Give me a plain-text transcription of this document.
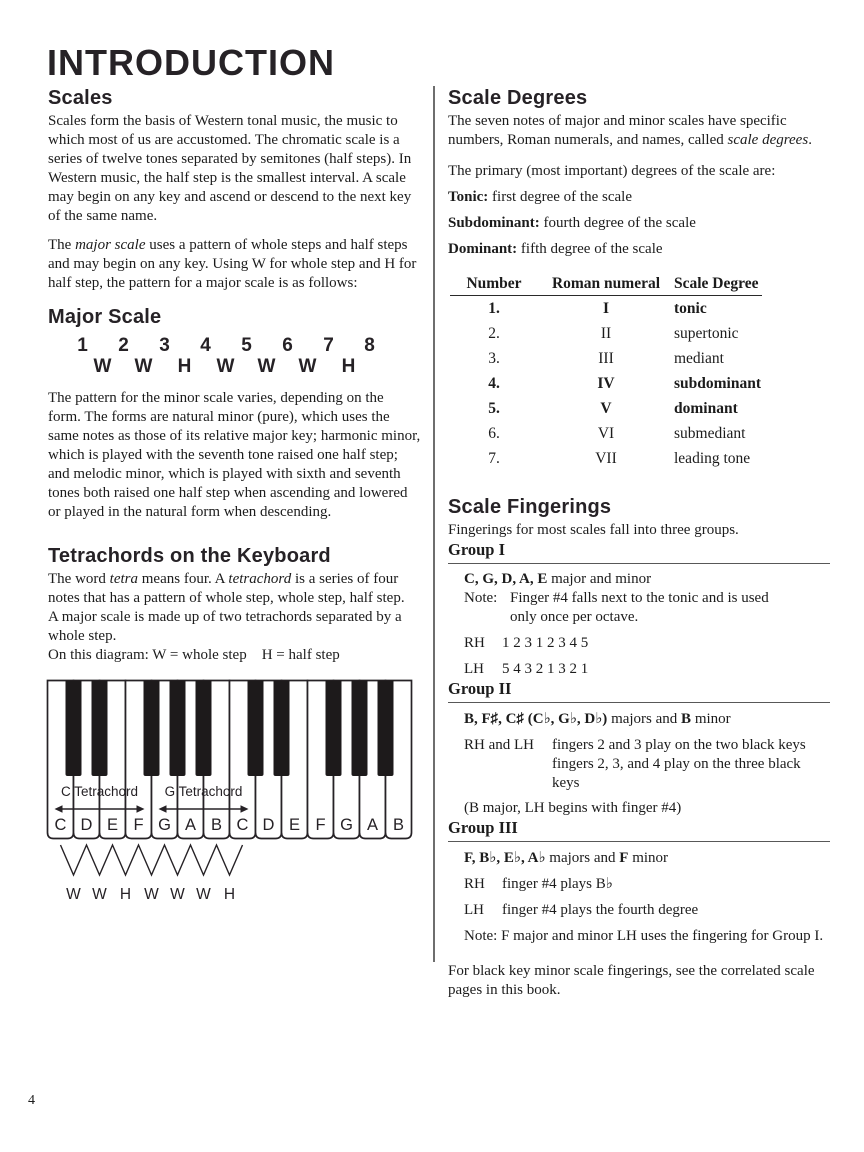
INTRODUCTION
Scales

Scales form the basis of Western tonal music, the music to
which most of us are accustomed. The chromatic scale is a
series of twelve tones separated by semitones (half steps). In
Western music, the half step is the smallest interval. A scale
may begin on any key and ascend or descend to the next key
of the same name.

The major scale uses a pattern of whole steps and half steps
and may begin on any key. Using W for whole step and H for
half step, the pattern for a major scale is as follows:

Major Scale
1	2	3	4	5	6	7	8
W	W	H	W	W	W	H

The pattern for the minor scale varies, depending on the
form. The forms are natural minor (pure), which uses the
same notes as those of its relative major key; harmonic minor,
which is played with the seventh tone raised one half step;
and melodic minor, which is played with sixth and seventh
tones both raised one half step when ascending and lowered
or played in the natural form when descending.

Tetrachords on the Keyboard

The word tetra means four. A tetrachord is a series of four
notes that has a pattern of whole step, whole step, half step.
A major scale is made up of two tetrachords separated by a
whole step.
On this diagram: W = whole step    H = half step

C D E F G A B C D E F G A B
C Tetrachord G Tetrachord
W W H W W W H
Scale Degrees

The seven notes of major and minor scales have specific
numbers, Roman numerals, and names, called scale degrees.

The primary (most important) degrees of the scale are:

Tonic: first degree of the scale

Subdominant: fourth degree of the scale

Dominant: fifth degree of the scale

Number	Roman numeral Scale Degree
1.	I	tonic
2.	II	supertonic
3.	III	mediant
4.	IV	subdominant
5.	V	dominant
6.	VI	submediant
7.	VII	leading tone
Scale Fingerings

Fingerings for most scales fall into three groups.

Group I

C, G, D, A, E major and minor

Note: Finger #4 falls next to the tonic and is used
only once per octave.
RH	1 2 3 1 2 3 4 5
LH	5 4 3 2 1 3 2 1
Group II

B, F♯, C♯ (C♭, G♭, D♭) majors and B minor

RH and LH	fingers 2 and 3 play on the two black keys
fingers 2, 3, and 4 play on the three black keys

(B major, LH begins with finger #4)

Group III

F, B♭, E♭, A♭ majors and F minor

RH	finger #4 plays B♭
LH	finger #4 plays the fourth degree

Note: F major and minor LH uses the fingering for Group I.

For black key minor scale fingerings, see the correlated scale
pages in this book.

4
